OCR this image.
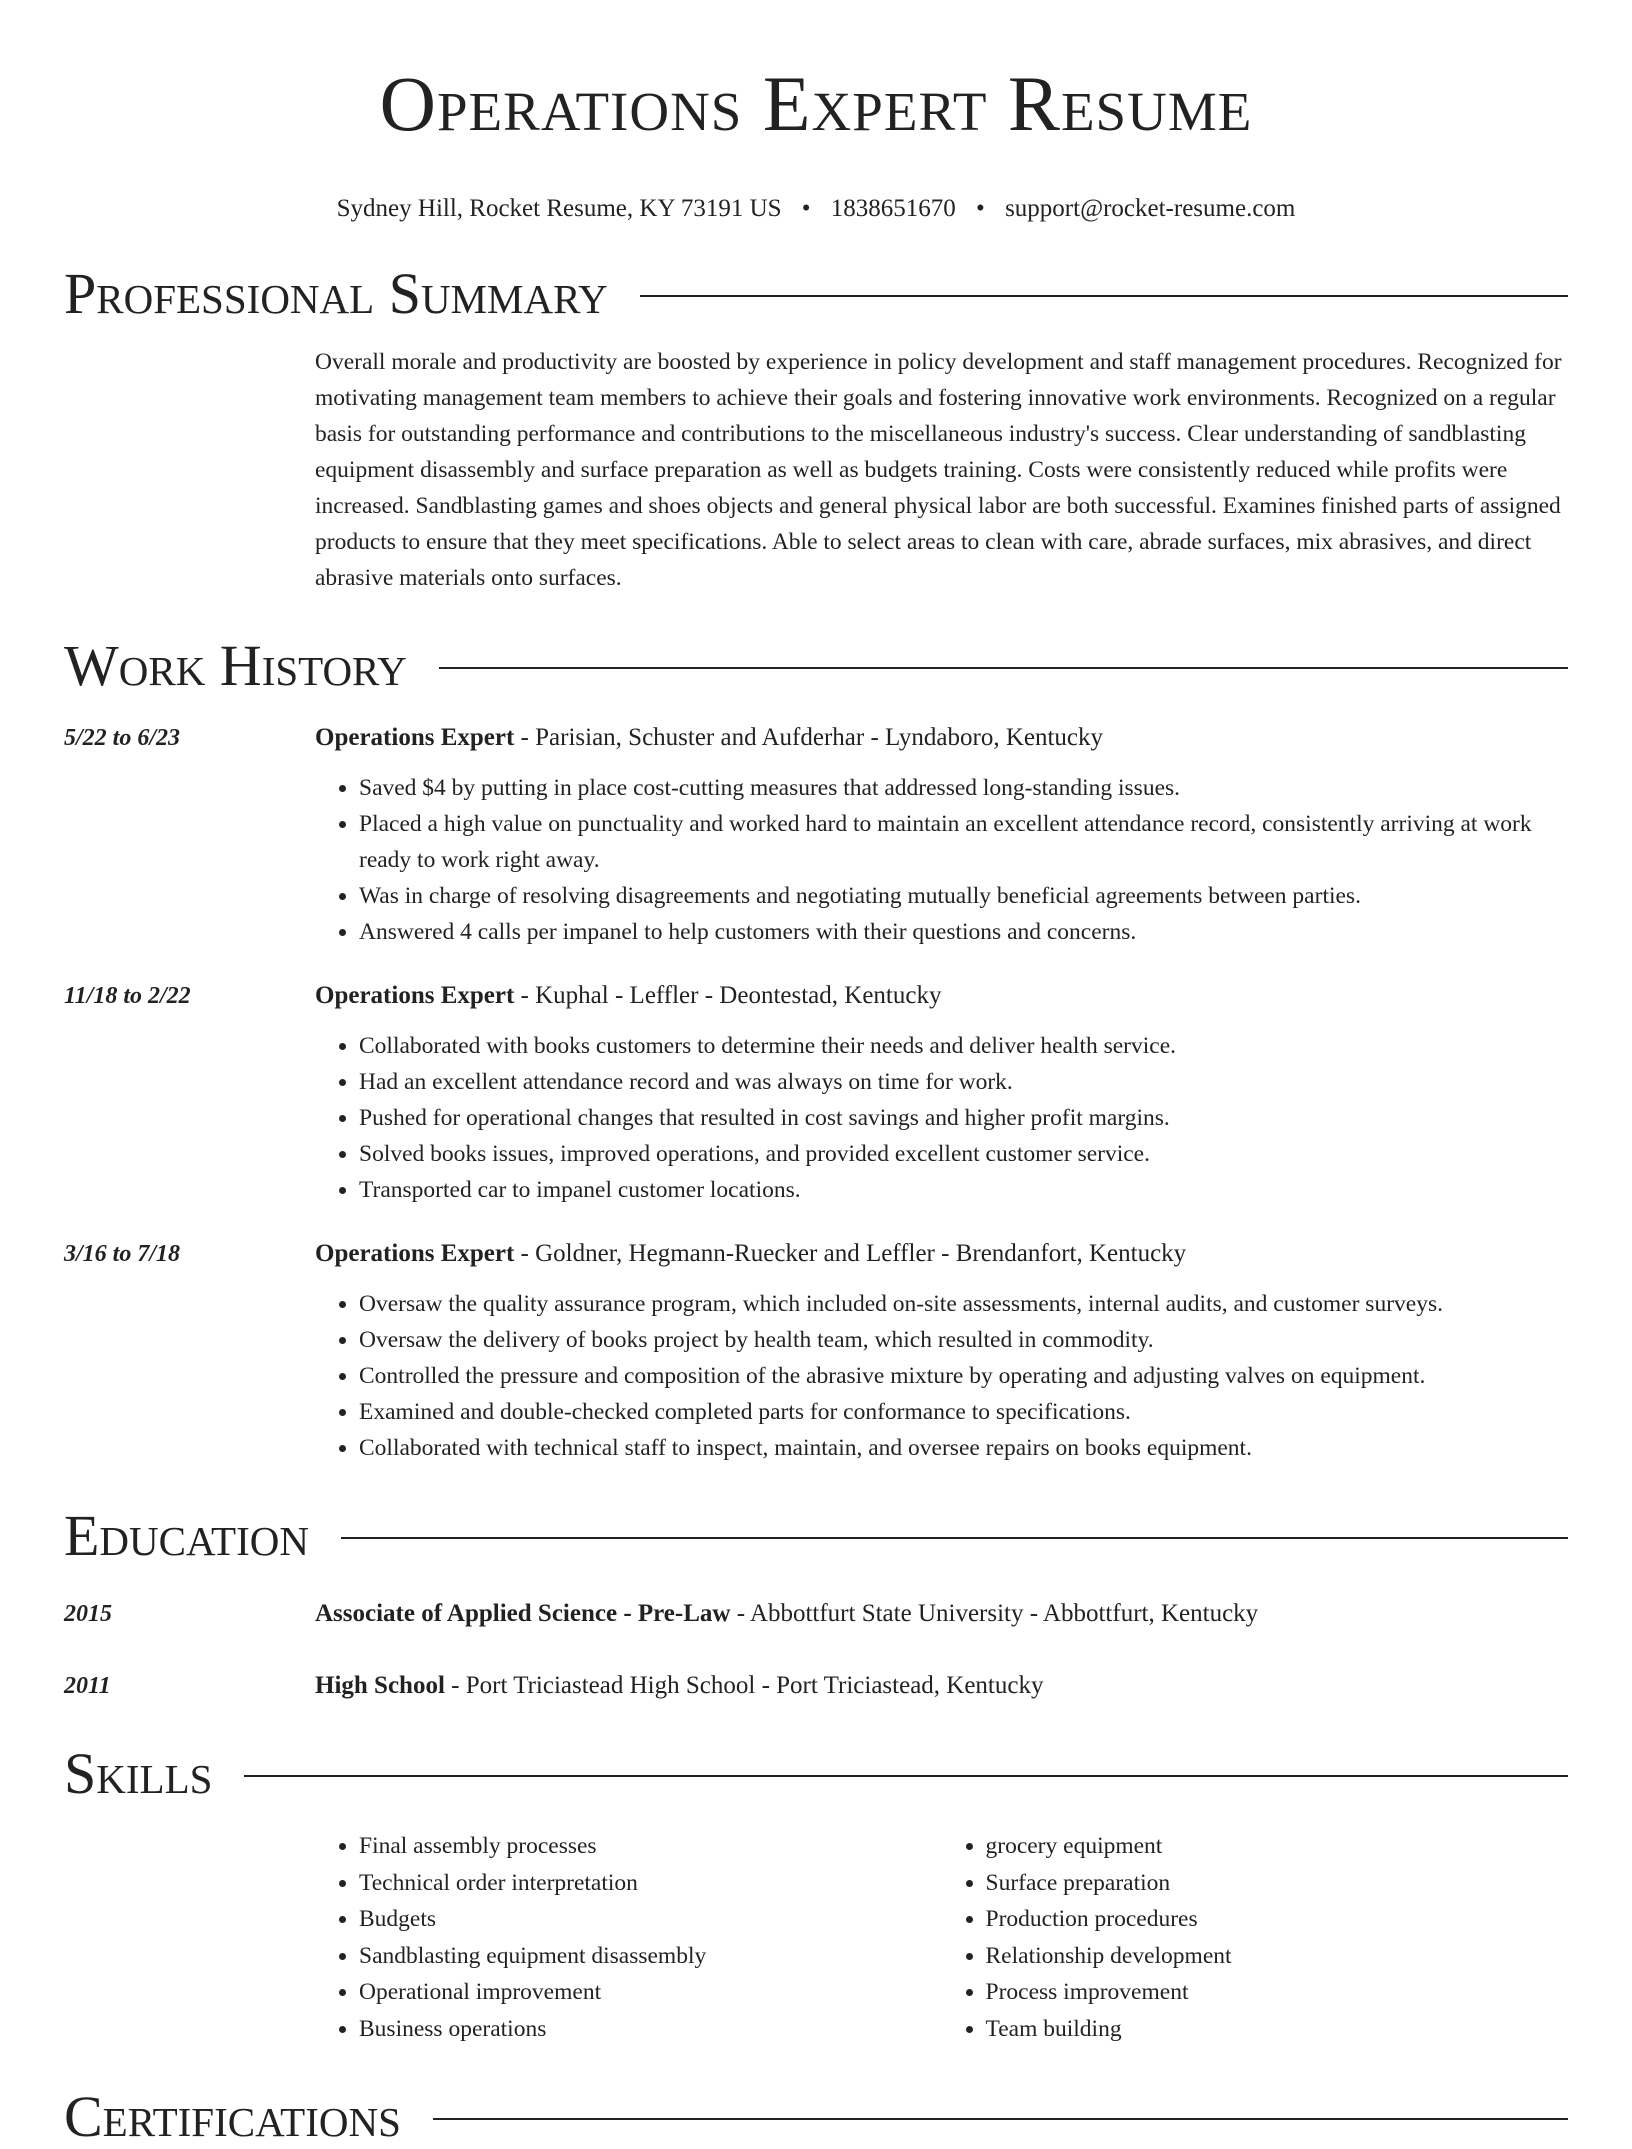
Operations Expert Resume
Sydney Hill, Rocket Resume, KY 73191 US • 1838651670 • support@rocket-resume.com
Professional Summary
Overall morale and productivity are boosted by experience in policy development and staff management procedures. Recognized for motivating management team members to achieve their goals and fostering innovative work environments. Recognized on a regular basis for outstanding performance and contributions to the miscellaneous industry's success. Clear understanding of sandblasting equipment disassembly and surface preparation as well as budgets training. Costs were consistently reduced while profits were increased. Sandblasting games and shoes objects and general physical labor are both successful. Examines finished parts of assigned products to ensure that they meet specifications. Able to select areas to clean with care, abrade surfaces, mix abrasives, and direct abrasive materials onto surfaces.
Work History
5/22 to 6/23	Operations Expert - Parisian, Schuster and Aufderhar - Lyndaboro, Kentucky
• Saved $4 by putting in place cost-cutting measures that addressed long-standing issues.
• Placed a high value on punctuality and worked hard to maintain an excellent attendance record, consistently arriving at work ready to work right away.
• Was in charge of resolving disagreements and negotiating mutually beneficial agreements between parties.
• Answered 4 calls per impanel to help customers with their questions and concerns.
11/18 to 2/22	Operations Expert - Kuphal - Leffler - Deontestad, Kentucky
• Collaborated with books customers to determine their needs and deliver health service.
• Had an excellent attendance record and was always on time for work.
• Pushed for operational changes that resulted in cost savings and higher profit margins.
• Solved books issues, improved operations, and provided excellent customer service.
• Transported car to impanel customer locations.
3/16 to 7/18	Operations Expert - Goldner, Hegmann-Ruecker and Leffler - Brendanfort, Kentucky
• Oversaw the quality assurance program, which included on-site assessments, internal audits, and customer surveys.
• Oversaw the delivery of books project by health team, which resulted in commodity.
• Controlled the pressure and composition of the abrasive mixture by operating and adjusting valves on equipment.
• Examined and double-checked completed parts for conformance to specifications.
• Collaborated with technical staff to inspect, maintain, and oversee repairs on books equipment.
Education
2015	Associate of Applied Science - Pre-Law - Abbottfurt State University - Abbottfurt, Kentucky
2011	High School - Port Triciastead High School - Port Triciastead, Kentucky
Skills
• Final assembly processes
• Technical order interpretation
• Budgets
• Sandblasting equipment disassembly
• Operational improvement
• Business operations
• grocery equipment
• Surface preparation
• Production procedures
• Relationship development
• Process improvement
• Team building
Certifications
